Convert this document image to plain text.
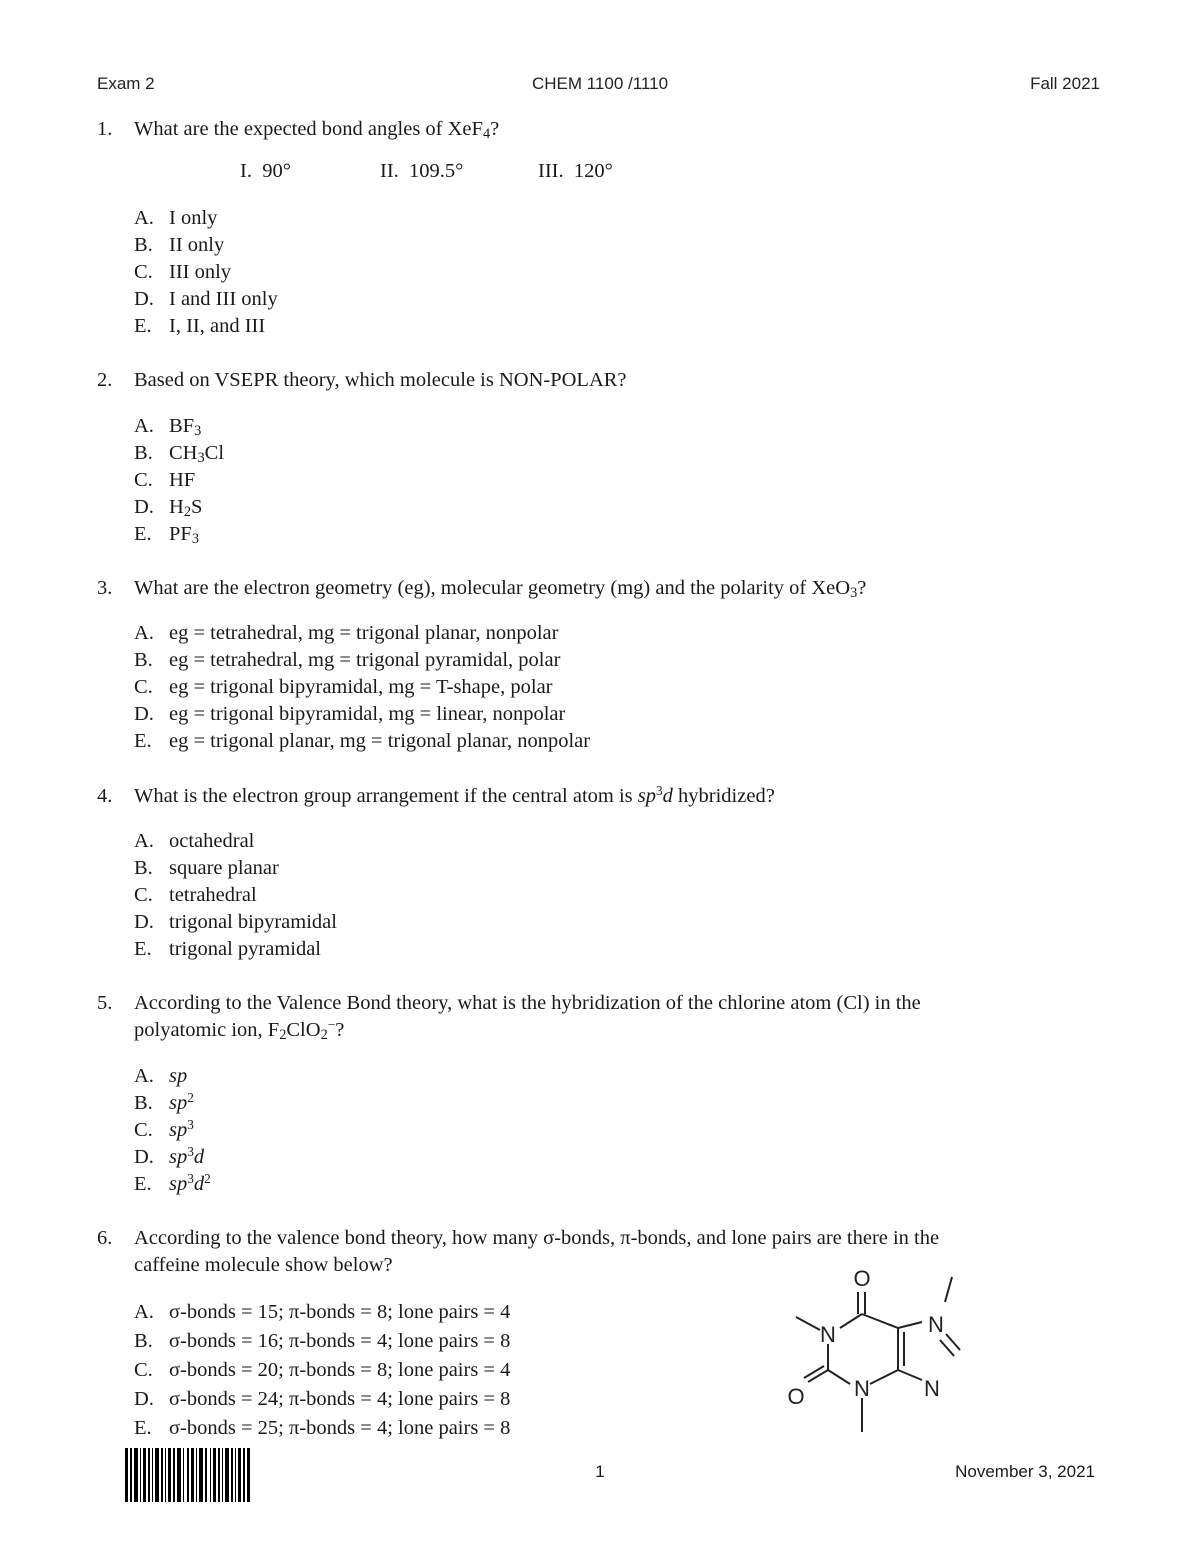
Exam 2	CHEM 1100 /1110	Fall 2021
1. What are the expected bond angles of XeF$_4$?
I. 90°	II. 109.5°	III. 120°
A. I only
B. II only
C. III only
D. I and III only
E. I, II, and III
2. Based on VSEPR theory, which molecule is NON-POLAR?
A. $BF_3$
B. $CH_3Cl$
C. HF
D. $H_2S$
E. $PF_3$
3. What are the electron geometry (eg), molecular geometry (mg) and the polarity of XeO$_3$?
A. eg = tetrahedral, mg = trigonal planar, nonpolar
B. eg = tetrahedral, mg = trigonal pyramidal, polar
C. eg = trigonal bipyramidal, mg = T-shape, polar
D. eg = trigonal bipyramidal, mg = linear, nonpolar
E. eg = trigonal planar, mg = trigonal planar, nonpolar
4. What is the electron group arrangement if the central atom is $sp^3d$ hybridized?
A. octahedral
B. square planar
C. tetrahedral
D. trigonal bipyramidal
E. trigonal pyramidal
5. According to the Valence Bond theory, what is the hybridization of the chlorine atom (Cl) in the
polyatomic ion, $F_2ClO_2^-$?
A. sp
B. $sp^2$
C. $sp^3$
D. $sp^3d$
E. $sp^3d^2$
6. According to the valence bond theory, how many σ-bonds, π-bonds, and lone pairs are there in the
caffeine molecule show below?
A. σ-bonds = 15; π-bonds = 8; lone pairs = 4
B. σ-bonds = 16; π-bonds = 4; lone pairs = 8
C. σ-bonds = 20; π-bonds = 8; lone pairs = 4
D. σ-bonds = 24; π-bonds = 4; lone pairs = 8
E. σ-bonds = 25; π-bonds = 4; lone pairs = 8
O
N
O N
N
N
1	November 3, 2021
